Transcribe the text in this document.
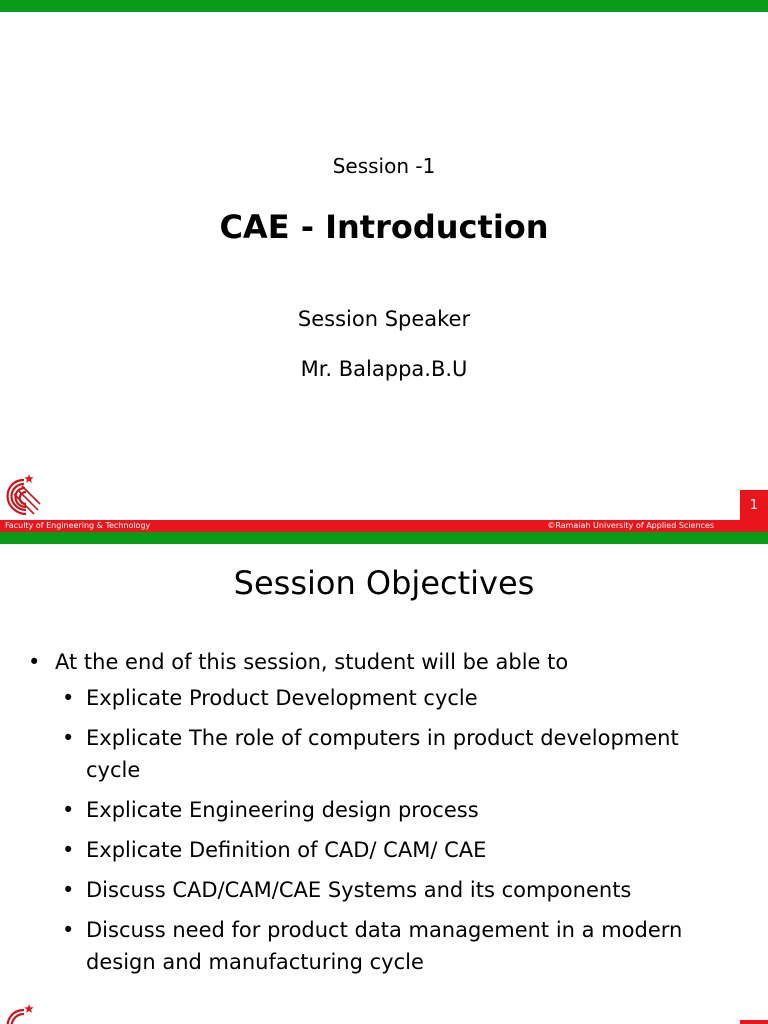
Session -1
CAE - Introduction
Session Speaker
Mr. Balappa.B.U
Faculty of Engineering & Technology	©Ramaiah University of Applied Sciences
1
Session Objectives
• At the end of this session, student will be able to
• Explicate Product Development cycle
• Explicate The role of computers in product development cycle
• Explicate Engineering design process
• Explicate Definition of CAD/ CAM/ CAE
• Discuss CAD/CAM/CAE Systems and its components
• Discuss need for product data management in a modern design and manufacturing cycle
